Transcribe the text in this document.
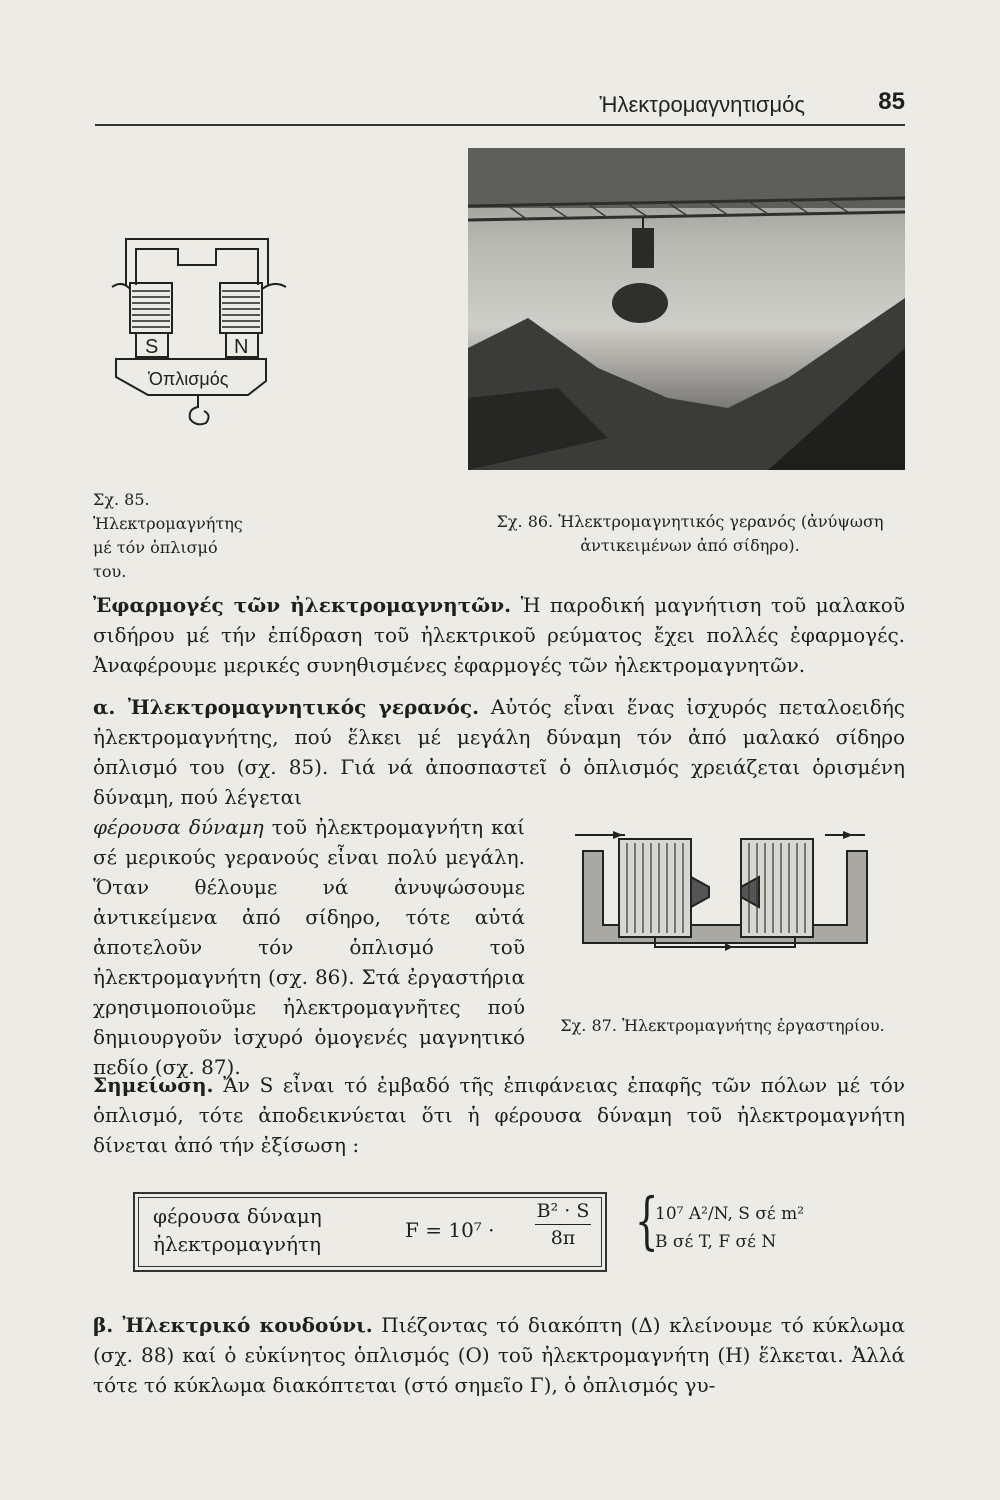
Ἠλεκτρομαγνητισμός	85
S	N
Ὁπλισμός
Σχ. 85. Ἠλεκτρομαγνήτης μέ τόν ὁπλισμό του.
Σχ. 86. Ἠλεκτρομαγνητικός γερανός (ἀνύψωση ἀντικειμένων ἀπό σίδηρο).
Σχ. 87. Ἠλεκτρομαγνήτης ἐργαστηρίου.
Ἐφαρμογές τῶν ἠλεκτρομαγνητῶν. Ἡ παροδική μαγνήτιση τοῦ μαλακοῦ σιδήρου μέ τήν ἐπίδραση τοῦ ἠλεκτρικοῦ ρεύματος ἔχει πολλές ἐφαρμογές. Ἀναφέρουμε μερικές συνηθισμένες ἐφαρμογές τῶν ἠλεκτρομαγνητῶν.
α. Ἠλεκτρομαγνητικός γερανός. Αὐτός εἶναι ἕνας ἰσχυρός πεταλοειδής ἠλεκτρομαγνήτης, πού ἕλκει μέ μεγάλη δύναμη τόν ἀπό μαλακό σίδηρο ὁπλισμό του (σχ. 85). Γιά νά ἀποσπαστεῖ ὁ ὁπλισμός χρειάζεται ὁρισμένη δύναμη, πού λέγεται
φέρουσα δύναμη τοῦ ἠλεκτρομαγνήτη καί σέ μερικούς γερανούς εἶναι πολύ μεγάλη. Ὅταν θέλουμε νά ἀνυψώσουμε ἀντικείμενα ἀπό σίδηρο, τότε αὐτά ἀποτελοῦν τόν ὁπλισμό τοῦ ἠλεκτρομαγνήτη (σχ. 86). Στά ἐργαστήρια χρησιμοποιοῦμε ἠλεκτρομαγνῆτες πού δημιουργοῦν ἰσχυρό ὁμογενές μαγνητικό πεδίο (σχ. 87).
Σημείωση. Ἄν S εἶναι τό ἐμβαδό τῆς ἐπιφάνειας ἐπαφῆς τῶν πόλων μέ τόν ὁπλισμό, τότε ἀποδεικνύεται ὅτι ἡ φέρουσα δύναμη τοῦ ἠλεκτρομαγνήτη δίνεται ἀπό τήν ἐξίσωση :
φέρουσα δύναμη
ἠλεκτρομαγνήτη
$F = 10^7 \cdot \frac{\text{B² · S}}{8\pi}$ {
10⁷ A²/N, S σέ m²
B σέ T, F σέ N
β. Ἠλεκτρικό κουδούνι. Πιέζοντας τό διακόπτη (Δ) κλείνουμε τό κύκλωμα (σχ. 88) καί ὁ εὐκίνητος ὁπλισμός (Ο) τοῦ ἠλεκτρομαγνήτη (Η) ἕλκεται. Ἀλλά τότε τό κύκλωμα διακόπτεται (στό σημεῖο Γ), ὁ ὁπλισμός γυ-
